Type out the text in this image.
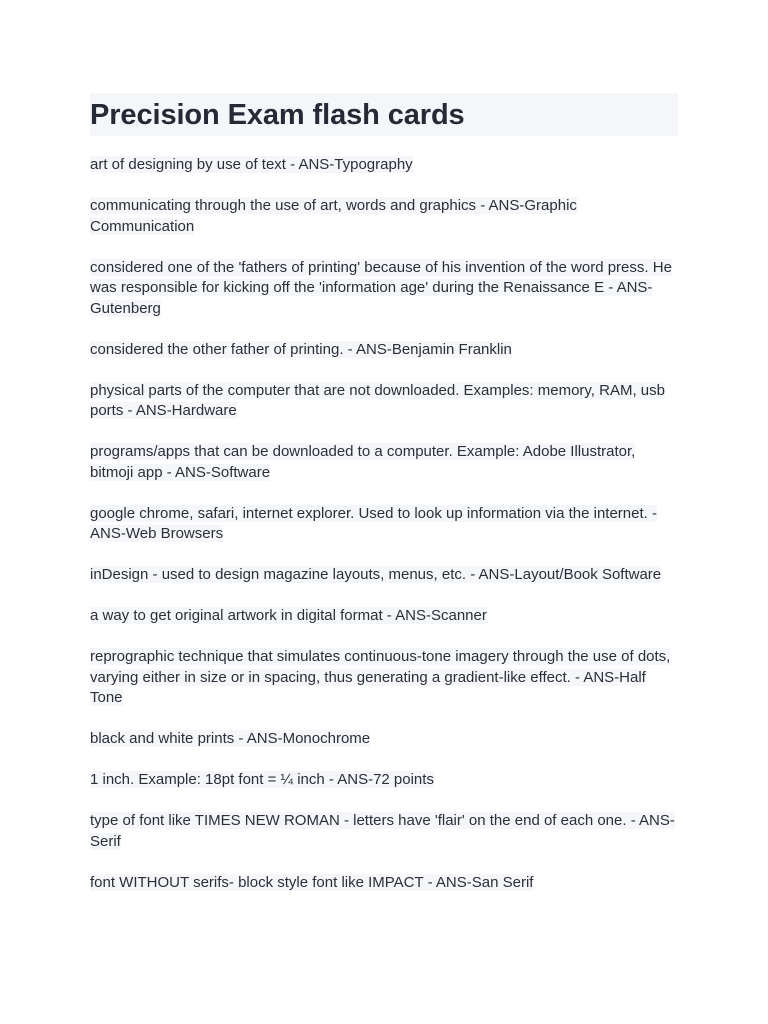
Precision Exam flash cards
art of designing by use of text - ANS-Typography
communicating through the use of art, words and graphics - ANS-Graphic Communication
considered one of the 'fathers of printing' because of his invention of the word press. He was responsible for kicking off the 'information age' during the Renaissance E - ANS-Gutenberg
considered the other father of printing. - ANS-Benjamin Franklin
physical parts of the computer that are not downloaded. Examples: memory, RAM, usb ports - ANS-Hardware
programs/apps that can be downloaded to a computer. Example: Adobe Illustrator, bitmoji app - ANS-Software
google chrome, safari, internet explorer. Used to look up information via the internet. - ANS-Web Browsers
inDesign - used to design magazine layouts, menus, etc. - ANS-Layout/Book Software
a way to get original artwork in digital format - ANS-Scanner
reprographic technique that simulates continuous-tone imagery through the use of dots, varying either in size or in spacing, thus generating a gradient-like effect. - ANS-Half Tone
black and white prints - ANS-Monochrome
1 inch. Example: 18pt font = ¼ inch - ANS-72 points
type of font like TIMES NEW ROMAN - letters have 'flair' on the end of each one. - ANS-Serif
font WITHOUT serifs- block style font like IMPACT - ANS-San Serif
